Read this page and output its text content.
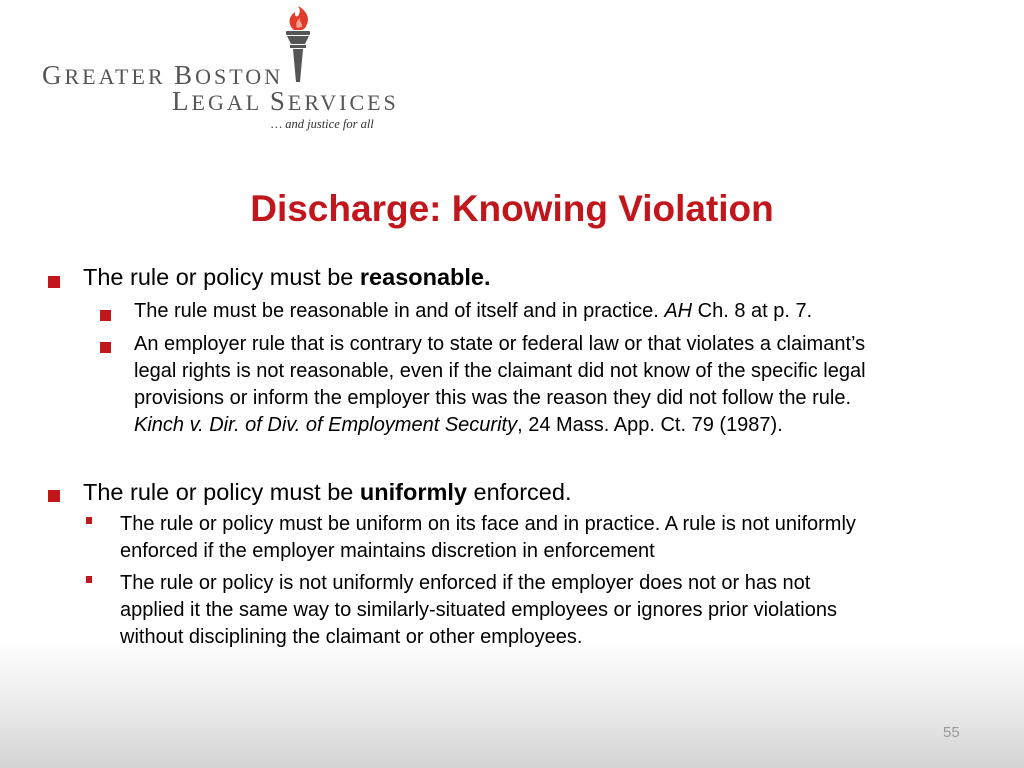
GREATER BOSTON
LEGAL SERVICES
… and justice for all
Discharge: Knowing Violation
The rule or policy must be reasonable.
The rule must be reasonable in and of itself and in practice. AH Ch. 8 at p. 7.
An employer rule that is contrary to state or federal law or that violates a claimant’s
legal rights is not reasonable, even if the claimant did not know of the specific legal
provisions or inform the employer this was the reason they did not follow the rule.
Kinch v. Dir. of Div. of Employment Security, 24 Mass. App. Ct. 79 (1987).
The rule or policy must be uniformly enforced.
The rule or policy must be uniform on its face and in practice. A rule is not uniformly
enforced if the employer maintains discretion in enforcement
The rule or policy is not uniformly enforced if the employer does not or has not
applied it the same way to similarly-situated employees or ignores prior violations
without disciplining the claimant or other employees.
55
